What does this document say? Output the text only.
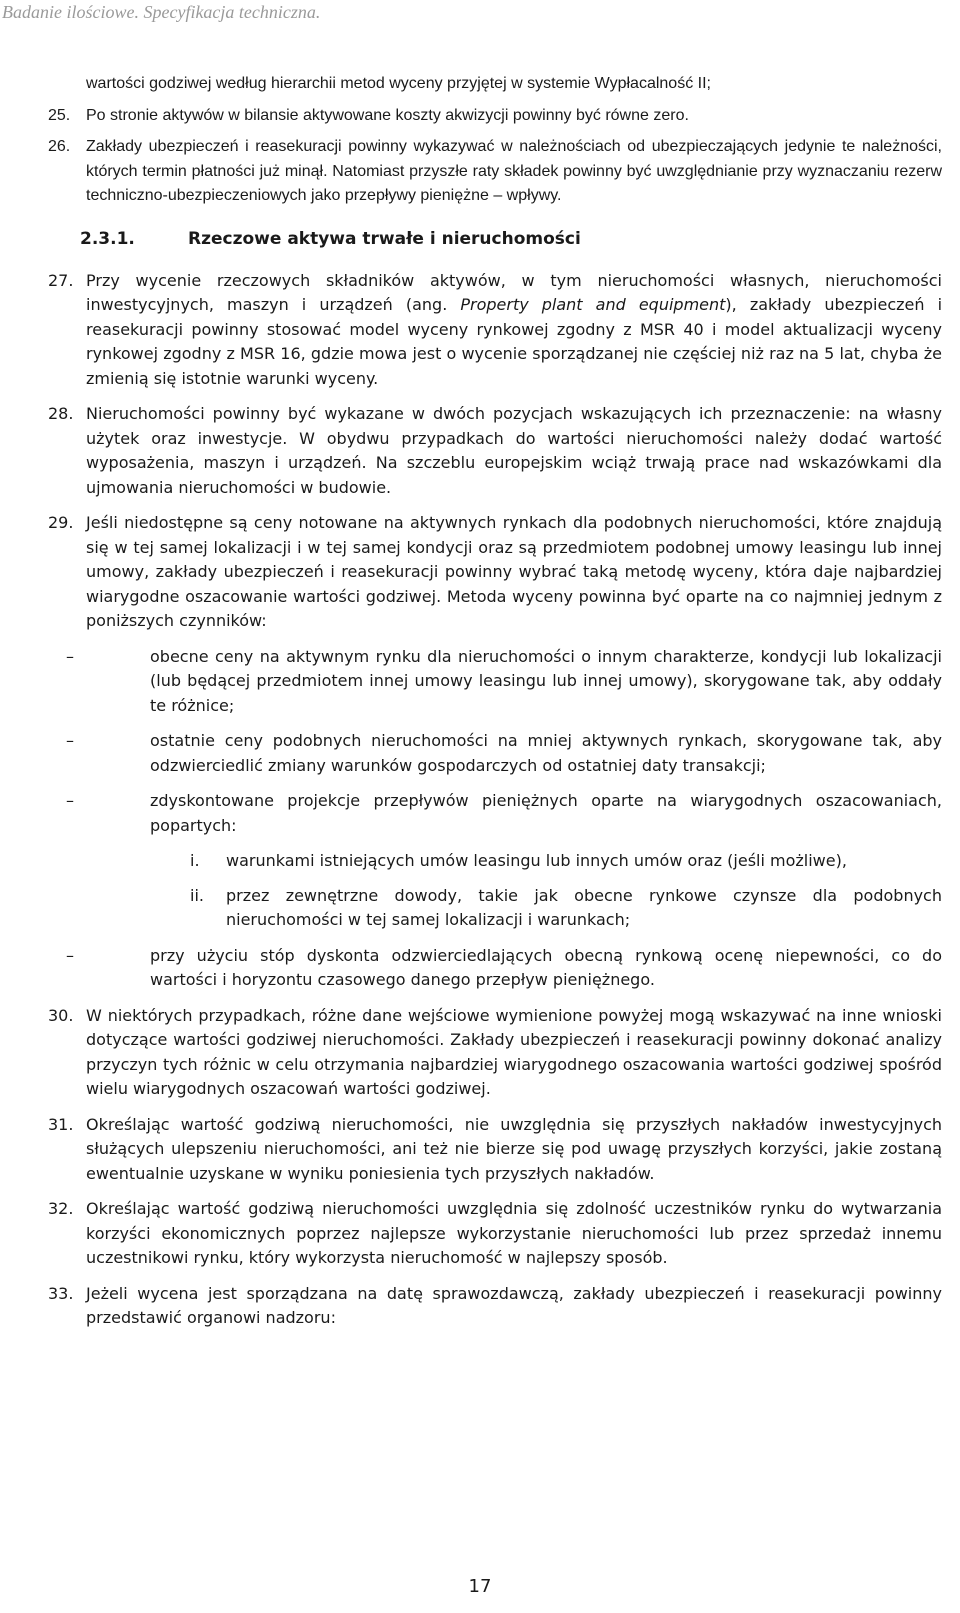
Badanie ilościowe. Specyfikacja techniczna.
wartości godziwej według hierarchii metod wyceny przyjętej w systemie Wypłacalność II;
25. Po stronie aktywów w bilansie aktywowane koszty akwizycji powinny być równe zero.
26. Zakłady ubezpieczeń i reasekuracji powinny wykazywać w należnościach od ubezpieczających jedynie te należności, których termin płatności już minął. Natomiast przyszłe raty składek powinny być uwzględnianie przy wyznaczaniu rezerw techniczno-ubezpieczeniowych jako przepływy pieniężne – wpływy.
2.3.1.	Rzeczowe aktywa trwałe i nieruchomości
27. Przy wycenie rzeczowych składników aktywów, w tym nieruchomości własnych, nieruchomości inwestycyjnych, maszyn i urządzeń (ang. Property plant and equipment), zakłady ubezpieczeń i reasekuracji powinny stosować model wyceny rynkowej zgodny z MSR 40 i model aktualizacji wyceny rynkowej zgodny z MSR 16, gdzie mowa jest o wycenie sporządzanej nie częściej niż raz na 5 lat, chyba że zmienią się istotnie warunki wyceny.
28. Nieruchomości powinny być wykazane w dwóch pozycjach wskazujących ich przeznaczenie: na własny użytek oraz inwestycje. W obydwu przypadkach do wartości nieruchomości należy dodać wartość wyposażenia, maszyn i urządzeń. Na szczeblu europejskim wciąż trwają prace nad wskazówkami dla ujmowania nieruchomości w budowie.
29. Jeśli niedostępne są ceny notowane na aktywnych rynkach dla podobnych nieruchomości, które znajdują się w tej samej lokalizacji i w tej samej kondycji oraz są przedmiotem podobnej umowy leasingu lub innej umowy, zakłady ubezpieczeń i reasekuracji powinny wybrać taką metodę wyceny, która daje najbardziej wiarygodne oszacowanie wartości godziwej. Metoda wyceny powinna być oparte na co najmniej jednym z poniższych czynników:
–	obecne ceny na aktywnym rynku dla nieruchomości o innym charakterze, kondycji lub lokalizacji (lub będącej przedmiotem innej umowy leasingu lub innej umowy), skorygowane tak, aby oddały te różnice;
–	ostatnie ceny podobnych nieruchomości na mniej aktywnych rynkach, skorygowane tak, aby odzwierciedlić zmiany warunków gospodarczych od ostatniej daty transakcji;
–	zdyskontowane projekcje przepływów pieniężnych oparte na wiarygodnych oszacowaniach, popartych:
i. warunkami istniejących umów leasingu lub innych umów oraz (jeśli możliwe),
ii. przez zewnętrzne dowody, takie jak obecne rynkowe czynsze dla podobnych nieruchomości w tej samej lokalizacji i warunkach;
–	przy użyciu stóp dyskonta odzwierciedlających obecną rynkową ocenę niepewności, co do wartości i horyzontu czasowego danego przepływ pieniężnego.
30. W niektórych przypadkach, różne dane wejściowe wymienione powyżej mogą wskazywać na inne wnioski dotyczące wartości godziwej nieruchomości. Zakłady ubezpieczeń i reasekuracji powinny dokonać analizy przyczyn tych różnic w celu otrzymania najbardziej wiarygodnego oszacowania wartości godziwej spośród wielu wiarygodnych oszacowań wartości godziwej.
31. Określając wartość godziwą nieruchomości, nie uwzględnia się przyszłych nakładów inwestycyjnych służących ulepszeniu nieruchomości, ani też nie bierze się pod uwagę przyszłych korzyści, jakie zostaną ewentualnie uzyskane w wyniku poniesienia tych przyszłych nakładów.
32. Określając wartość godziwą nieruchomości uwzględnia się zdolność uczestników rynku do wytwarzania korzyści ekonomicznych poprzez najlepsze wykorzystanie nieruchomości lub przez sprzedaż innemu uczestnikowi rynku, który wykorzysta nieruchomość w najlepszy sposób.
33. Jeżeli wycena jest sporządzana na datę sprawozdawczą, zakłady ubezpieczeń i reasekuracji powinny przedstawić organowi nadzoru:
17
